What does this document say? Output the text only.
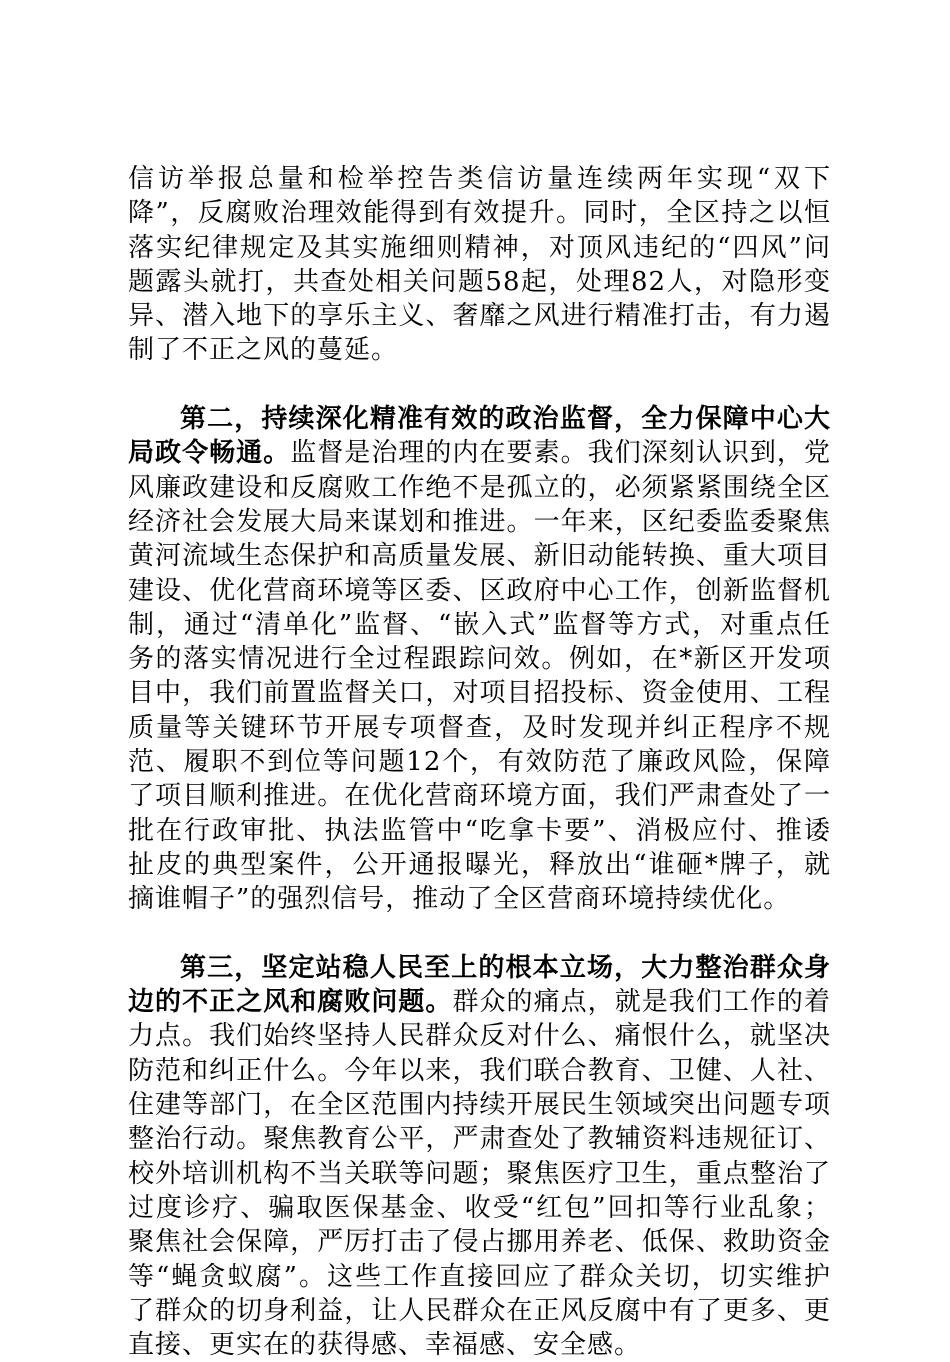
信访举报总量和检举控告类信访量连续两年实现“双下降”，反腐败治理效能得到有效提升。同时，全区持之以恒落实纪律规定及其实施细则精神，对顶风违纪的“四风”问题露头就打，共查处相关问题58起，处理82人，对隐形变异、潜入地下的享乐主义、奢靡之风进行精准打击，有力遏制了不正之风的蔓延。

第二，持续深化精准有效的政治监督，全力保障中心大局政令畅通。监督是治理的内在要素。我们深刻认识到，党风廉政建设和反腐败工作绝不是孤立的，必须紧紧围绕全区经济社会发展大局来谋划和推进。一年来，区纪委监委聚焦黄河流域生态保护和高质量发展、新旧动能转换、重大项目建设、优化营商环境等区委、区政府中心工作，创新监督机制，通过“清单化”监督、“嵌入式”监督等方式，对重点任务的落实情况进行全过程跟踪问效。例如，在*新区开发项目中，我们前置监督关口，对项目招投标、资金使用、工程质量等关键环节开展专项督查，及时发现并纠正程序不规范、履职不到位等问题12个，有效防范了廉政风险，保障了项目顺利推进。在优化营商环境方面，我们严肃查处了一批在行政审批、执法监管中“吃拿卡要”、消极应付、推诿扯皮的典型案件，公开通报曝光，释放出“谁砸*牌子，就摘谁帽子”的强烈信号，推动了全区营商环境持续优化。

第三，坚定站稳人民至上的根本立场，大力整治群众身边的不正之风和腐败问题。群众的痛点，就是我们工作的着力点。我们始终坚持人民群众反对什么、痛恨什么，就坚决防范和纠正什么。今年以来，我们联合教育、卫健、人社、住建等部门，在全区范围内持续开展民生领域突出问题专项整治行动。聚焦教育公平，严肃查处了教辅资料违规征订、校外培训机构不当关联等问题；聚焦医疗卫生，重点整治了过度诊疗、骗取医保基金、收受“红包”回扣等行业乱象；聚焦社会保障，严厉打击了侵占挪用养老、低保、救助资金等“蝇贪蚁腐”。这些工作直接回应了群众关切，切实维护了群众的切身利益，让人民群众在正风反腐中有了更多、更直接、更实在的获得感、幸福感、安全感。
